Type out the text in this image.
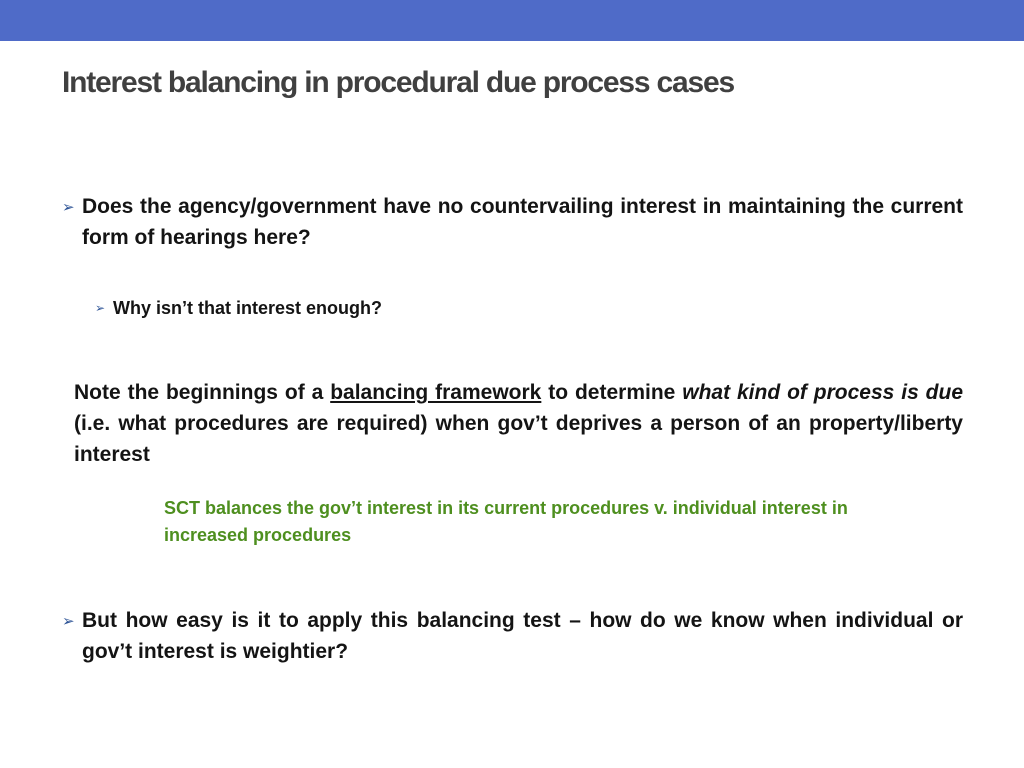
Interest balancing in procedural due process cases
➢ Does the agency/government have no countervailing interest in maintaining the current form of hearings here?
➢ Why isn’t that interest enough?
Note the beginnings of a balancing framework to determine what kind of process is due (i.e. what procedures are required) when gov’t deprives a person of an property/liberty interest
SCT balances the gov’t interest in its current procedures v. individual interest in increased procedures
➢ But how easy is it to apply this balancing test – how do we know when individual or gov’t interest is weightier?
